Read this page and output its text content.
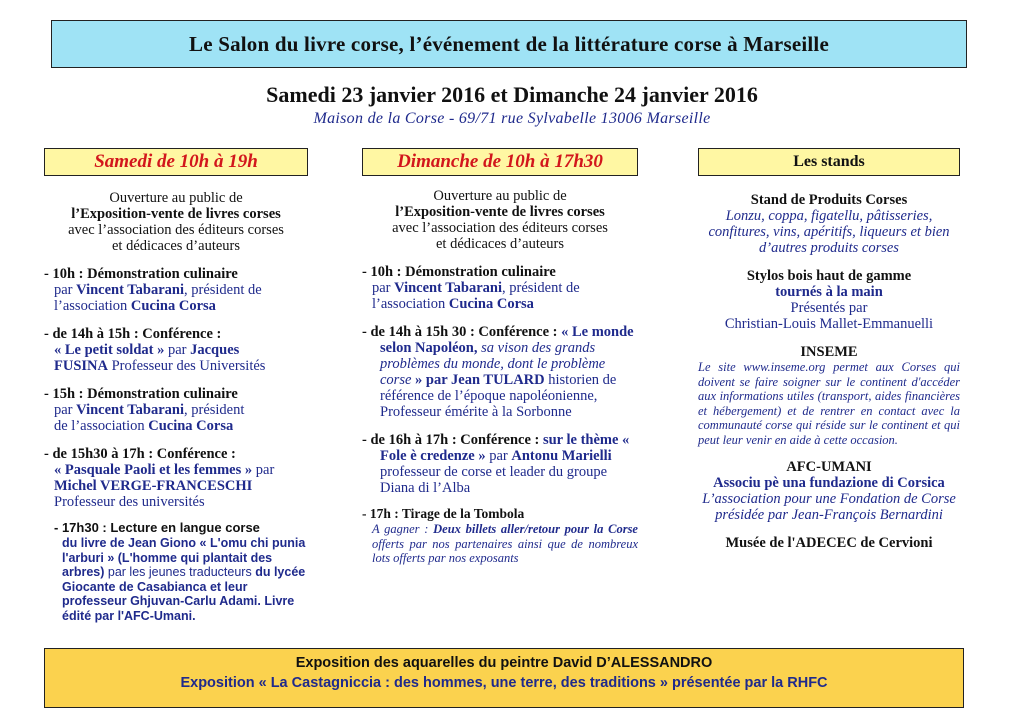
Le Salon du livre corse, l’événement de la littérature corse à Marseille
Samedi 23 janvier 2016 et Dimanche 24 janvier 2016
Maison de la Corse - 69/71 rue Sylvabelle 13006 Marseille
Samedi de 10h à 19h
Ouverture au public de
l’Exposition-vente de livres corses
avec l’association des éditeurs corses
et dédicaces d’auteurs
- 10h : Démonstration culinaire
par Vincent Tabarani, président de
l’association Cucina Corsa
- de 14h à 15h : Conférence :
« Le petit soldat » par Jacques
FUSINA Professeur des Universités
- 15h : Démonstration culinaire
par Vincent Tabarani, président
de l’association Cucina Corsa
- de 15h30 à 17h : Conférence :
« Pasquale Paoli et les femmes » par
Michel VERGE-FRANCESCHI
Professeur des universités
- 17h30 : Lecture en langue corse
du livre de Jean Giono « L'omu chi punia l'arburi » (L'homme qui plantait des arbres) par les jeunes traducteurs du lycée Giocante de Casabianca et leur professeur Ghjuvan-Carlu Adami. Livre édité par l'AFC-Umani.
Dimanche de 10h à 17h30
Ouverture au public de
l’Exposition-vente de livres corses
avec l’association des éditeurs corses
et dédicaces d’auteurs
- 10h : Démonstration culinaire
par Vincent Tabarani, président de
l’association Cucina Corsa
- de 14h à 15h 30 : Conférence : « Le monde selon Napoléon, sa vison des grands problèmes du monde, dont le problème corse » par Jean TULARD historien de référence de l’époque napoléonienne, Professeur émérite à la Sorbonne
- de 16h à 17h : Conférence : sur le thème « Fole è credenze » par Antonu Marielli professeur de corse et leader du groupe Diana di l’Alba
- 17h : Tirage de la Tombola
A gagner : Deux billets aller/retour pour la Corse offerts par nos partenaires ainsi que de nombreux lots offerts par nos exposants
Les stands
Stand de Produits Corses
Lonzu, coppa, figatellu, pâtisseries, confitures, vins, apéritifs, liqueurs et bien d’autres produits corses
Stylos bois haut de gamme
tournés à la main
Présentés par
Christian-Louis Mallet-Emmanuelli
INSEME
Le site www.inseme.org permet aux Corses qui doivent se faire soigner sur le continent d'accéder aux informations utiles (transport, aides financières et hébergement) et de rentrer en contact avec la communauté corse qui réside sur le continent et qui peut leur venir en aide à cette occasion.
AFC-UMANI
Associu pè una fundazione di Corsica
L’association pour une Fondation de Corse présidée par Jean-François Bernardini
Musée de l'ADECEC de Cervioni
Exposition des aquarelles du peintre David D’ALESSANDRO
Exposition « La Castagniccia : des hommes, une terre, des traditions » présentée par la RHFC
